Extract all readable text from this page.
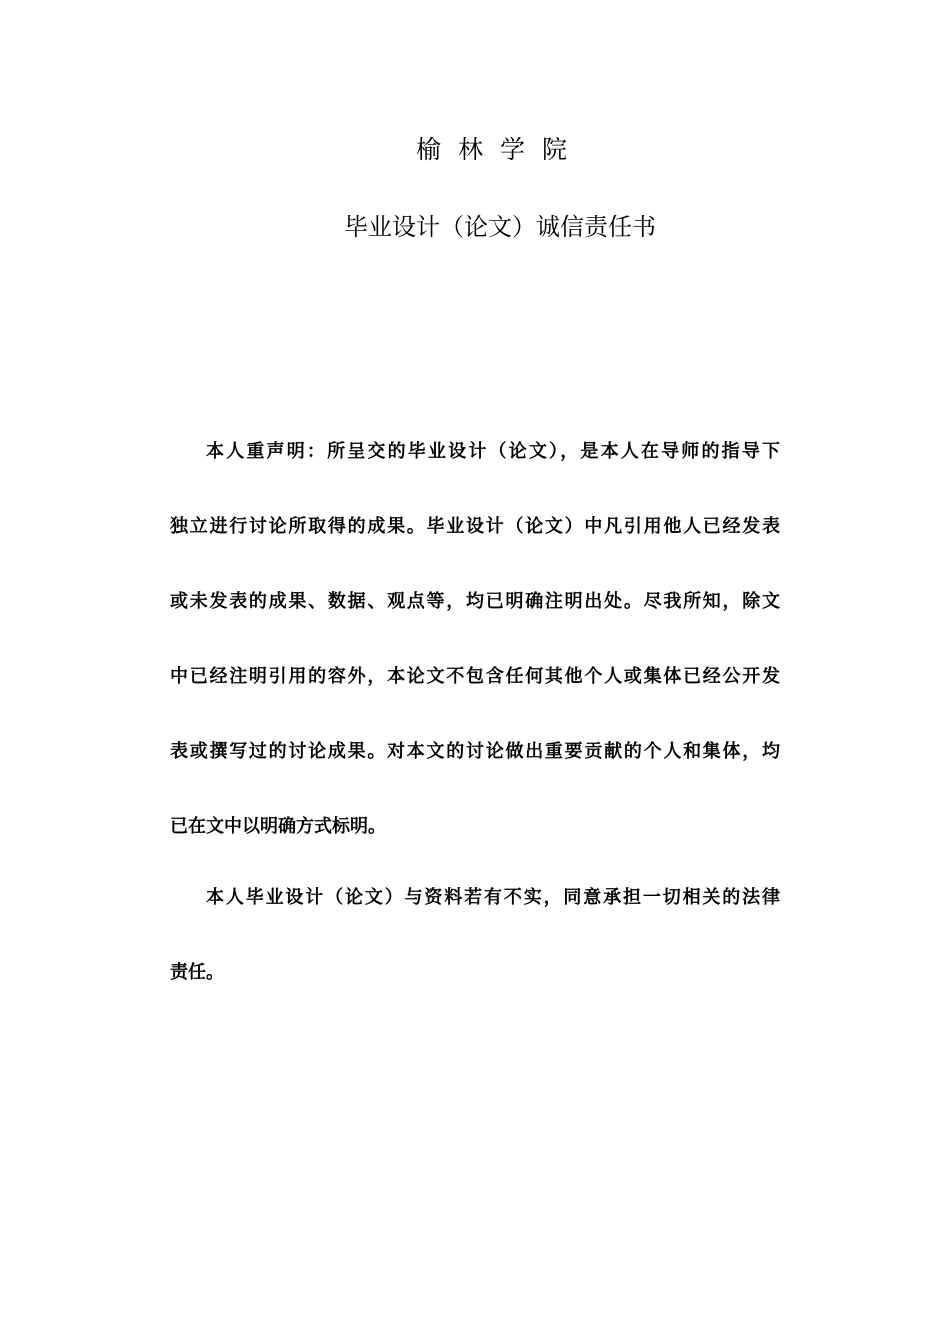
榆林学院
毕业设计（论文）诚信责任书

本人重声明：所呈交的毕业设计（论文），是本人在导师的指导下

独立进行讨论所取得的成果。毕业设计（论文）中凡引用他人已经发表

或未发表的成果、数据、观点等，均已明确注明出处。尽我所知，除文

中已经注明引用的容外，本论文不包含任何其他个人或集体已经公开发

表或撰写过的讨论成果。对本文的讨论做出重要贡献的个人和集体，均

已在文中以明确方式标明。

本人毕业设计（论文）与资料若有不实，同意承担一切相关的法律

责任。
